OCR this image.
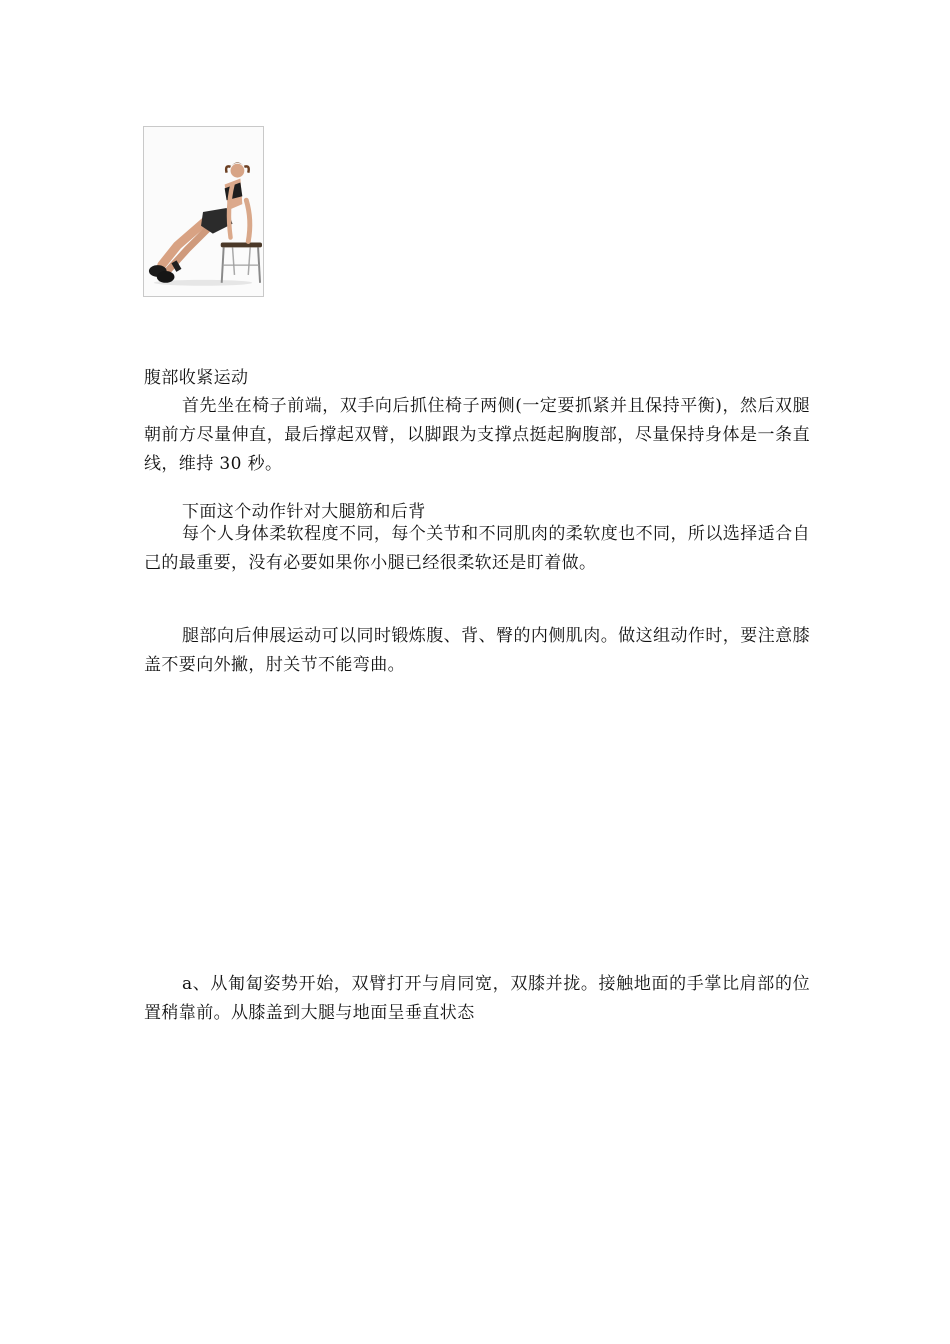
腹部收紧运动

首先坐在椅子前端，双手向后抓住椅子两侧(一定要抓紧并且保持平衡)，然后双腿朝前方尽量伸直，最后撑起双臂，以脚跟为支撑点挺起胸腹部，尽量保持身体是一条直线，维持 30 秒。

下面这个动作针对大腿筋和后背

每个人身体柔软程度不同，每个关节和不同肌肉的柔软度也不同，所以选择适合自己的最重要，没有必要如果你小腿已经很柔软还是盯着做。

腿部向后伸展运动可以同时锻炼腹、背、臀的内侧肌肉。做这组动作时，要注意膝盖不要向外撇，肘关节不能弯曲。

a、从匍匐姿势开始，双臂打开与肩同宽，双膝并拢。接触地面的手掌比肩部的位置稍靠前。从膝盖到大腿与地面呈垂直状态
